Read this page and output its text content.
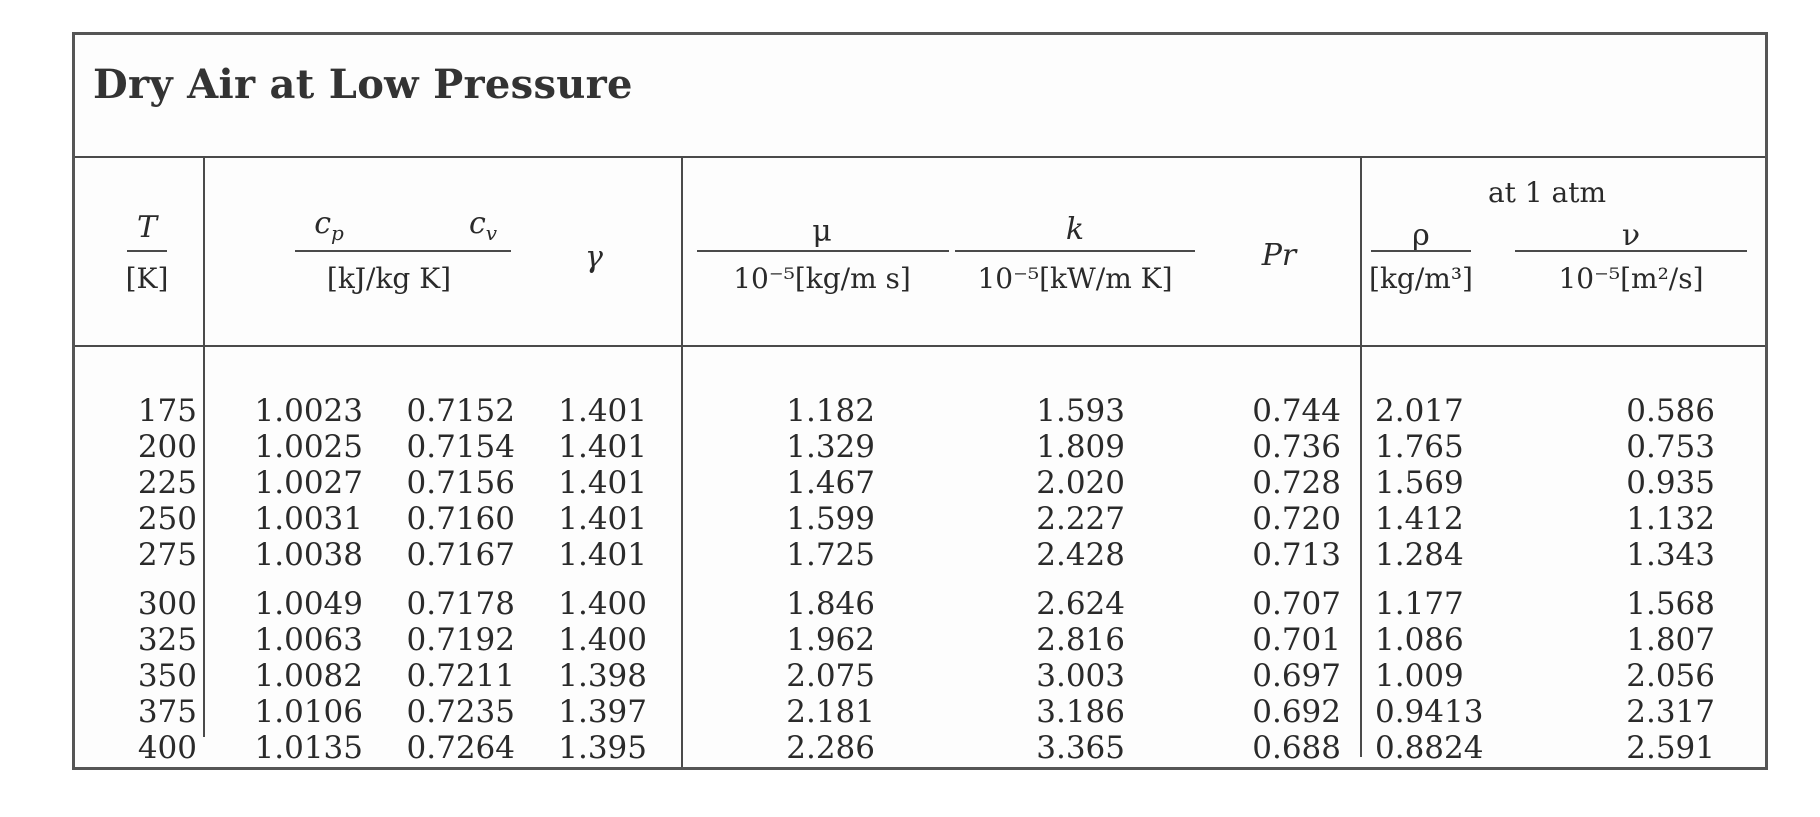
Dry Air at Low Pressure
T
[K]
$c_p$	$c_v$
[kJ/kg K]
γ
μ
10⁻⁵[kg/m s]
k
10⁻⁵[kW/m K]
Pr
at 1 atm
ρ
[kg/m³]
ν
10⁻⁵[m²/s]
175
200
225
250
275
300
325
350
375
400
1.0023
1.0025
1.0027
1.0031
1.0038
1.0049
1.0063
1.0082
1.0106
1.0135
0.7152
0.7154
0.7156
0.7160
0.7167
0.7178
0.7192
0.7211
0.7235
0.7264
1.401
1.401
1.401
1.401
1.401
1.400
1.400
1.398
1.397
1.395
1.182
1.329
1.467
1.599
1.725
1.846
1.962
2.075
2.181
2.286
1.593
1.809
2.020
2.227
2.428
2.624
2.816
3.003
3.186
3.365
0.744
0.736
0.728
0.720
0.713
0.707
0.701
0.697
0.692
0.688
2.017
1.765
1.569
1.412
1.284
1.177
1.086
1.009
0.9413
0.8824
0.586
0.753
0.935
1.132
1.343
1.568
1.807
2.056
2.317
2.591
